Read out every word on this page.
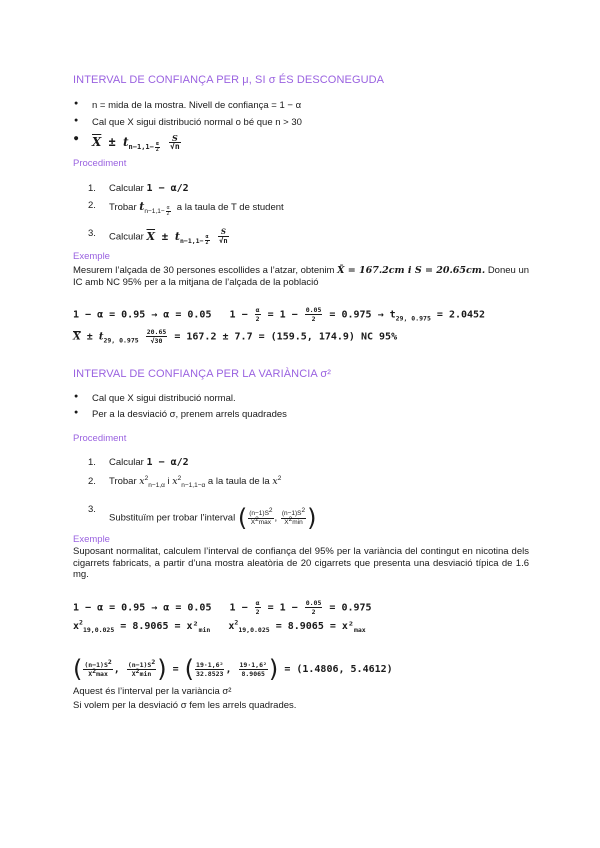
INTERVAL DE CONFIANÇA PER μ, SI σ ÉS DESCONEGUDA
● n = mida de la mostra. Nivell de confiança = 1 − α
● Cal que X sigui distribució normal o bé que n > 30
● $\overline{X} \pm t_{n-1,1- \frac{\alpha}{2}}$
$\frac{S}{√n}$
Procediment
1. Calcular 1 − α/2
2. Trobar $t_{n-1,1- \frac{\alpha}{2}}$ a la taula de T de student
3. Calcular $\overline{X} \pm t_{n-1,1- \frac{\alpha}{2}}$
$\frac{S}{√n}$
Exemple
Mesurem l’alçada de 30 persones escollides a l’atzar, obtenim X̄ = 167.2cm i S = 20.65cm. Doneu un IC amb NC 95% per a la mitjana de l’alçada de la població
1 − α = 0.95 → α = 0.05   $1 - \frac{\alpha}{2} = 1 - \frac{0.05}{2} = 0.975 \to t_{29, 0.975} = 2.0452$
$\overline{X} \pm t_{29, 0.975} \frac{20.65}{√30} = 167.2 \pm 7.7 = (159.5$, 174.9) NC 95%
INTERVAL DE CONFIANÇA PER LA VARIÀNCIA σ²
● Cal que X sigui distribució normal.
● Per a la desviació σ, prenem arrels quadrades
Procediment
1. Calcular 1 − α/2
2. Trobar $x^2_{n-1,\alpha}$ i $x^2_{n-1,1-\alpha}$ a la taula de la $x^2$
3.
Substituïm per trobar l’interval ( $\frac{(n-1)S^2}{X^2\max}$ , $\frac{(n-1)S^2}{X^2\min}$ )
Exemple
Suposant normalitat, calculem l’interval de confiança del 95% per la variància del contingut en nicotina dels cigarrets fabricats, a partir d’una mostra aleatòria de 20 cigarrets que presenta una desviació típica de 1.6 mg.
1 − α = 0.95 → α = 0.05   $1 - \frac{\alpha}{2} = 1 - \frac{0.05}{2} = 0.975$
$x^2_{19,0.025} = 8.9065 = x^2_{min}$   $x^2_{19,0.025} = 8.9065 = x^2_{max}$
( $\frac{(n-1)S^2}{X^2\max}$ , $\frac{(n-1)S^2}{X^2\min}$ ) = ( $\frac{\text{19·1,6²}}{32.8523}$ , $\frac{\text{19·1,6²}}{8.9065}$ ) = (1.4806, 5.4612)
Aquest és l’interval per la variància σ²
Si volem per la desviació σ fem les arrels quadrades.
